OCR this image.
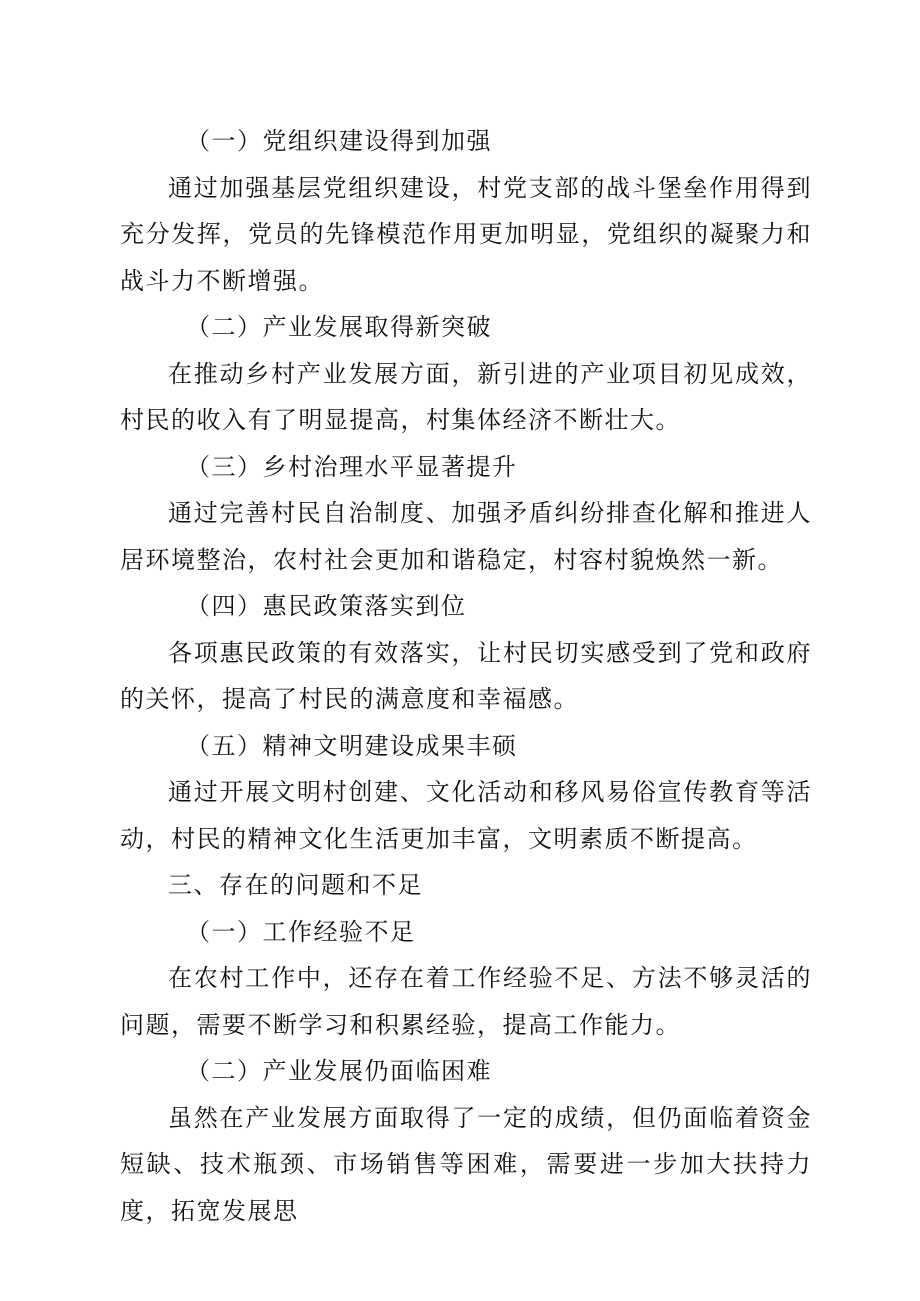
（一）党组织建设得到加强

通过加强基层党组织建设，村党支部的战斗堡垒作用得到充分发挥，党员的先锋模范作用更加明显，党组织的凝聚力和战斗力不断增强。

（二）产业发展取得新突破

在推动乡村产业发展方面，新引进的产业项目初见成效，村民的收入有了明显提高，村集体经济不断壮大。

（三）乡村治理水平显著提升

通过完善村民自治制度、加强矛盾纠纷排查化解和推进人居环境整治，农村社会更加和谐稳定，村容村貌焕然一新。

（四）惠民政策落实到位

各项惠民政策的有效落实，让村民切实感受到了党和政府的关怀，提高了村民的满意度和幸福感。

（五）精神文明建设成果丰硕

通过开展文明村创建、文化活动和移风易俗宣传教育等活动，村民的精神文化生活更加丰富，文明素质不断提高。

三、存在的问题和不足

（一）工作经验不足

在农村工作中，还存在着工作经验不足、方法不够灵活的问题，需要不断学习和积累经验，提高工作能力。

（二）产业发展仍面临困难

虽然在产业发展方面取得了一定的成绩，但仍面临着资金短缺、技术瓶颈、市场销售等困难，需要进一步加大扶持力度，拓宽发展思
